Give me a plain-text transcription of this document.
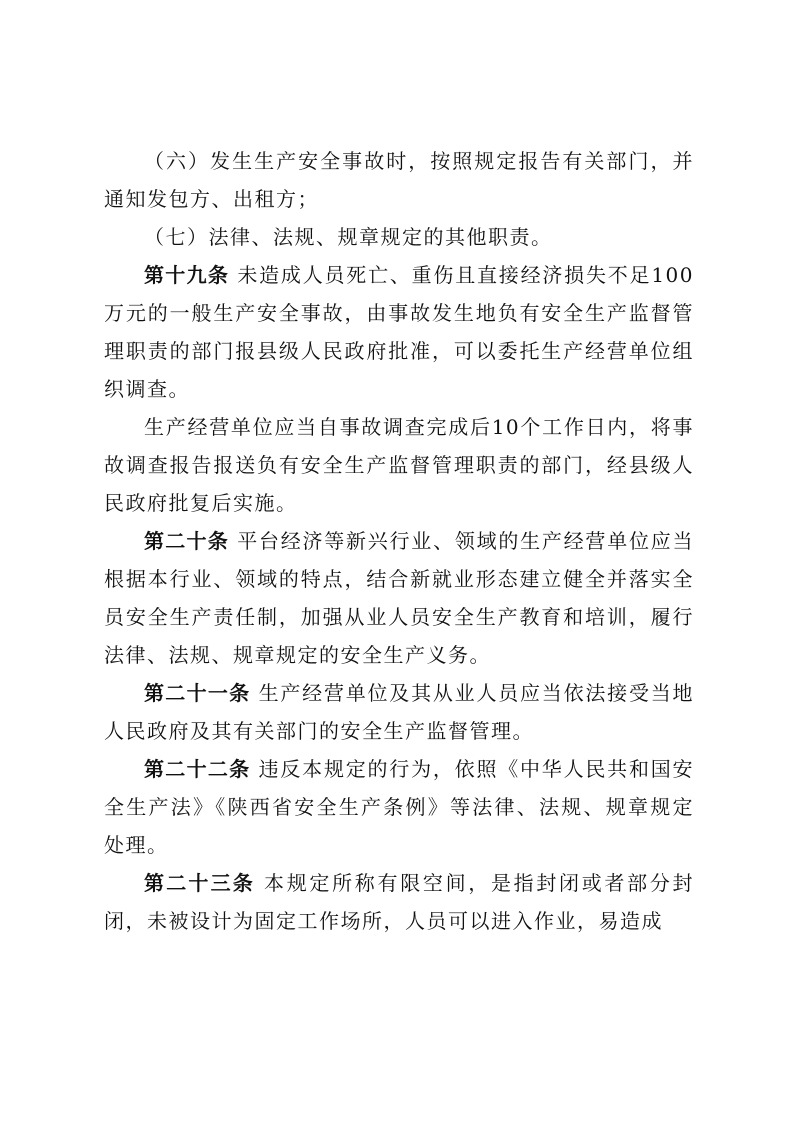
（六）发生生产安全事故时，按照规定报告有关部门，并通知发包方、出租方；

（七）法律、法规、规章规定的其他职责。

第十九条 未造成人员死亡、重伤且直接经济损失不足100万元的一般生产安全事故，由事故发生地负有安全生产监督管理职责的部门报县级人民政府批准，可以委托生产经营单位组织调查。

生产经营单位应当自事故调查完成后10个工作日内，将事故调查报告报送负有安全生产监督管理职责的部门，经县级人民政府批复后实施。

第二十条 平台经济等新兴行业、领域的生产经营单位应当根据本行业、领域的特点，结合新就业形态建立健全并落实全员安全生产责任制，加强从业人员安全生产教育和培训，履行法律、法规、规章规定的安全生产义务。

第二十一条 生产经营单位及其从业人员应当依法接受当地人民政府及其有关部门的安全生产监督管理。

第二十二条 违反本规定的行为，依照《中华人民共和国安全生产法》《陕西省安全生产条例》等法律、法规、规章规定处理。

第二十三条 本规定所称有限空间，是指封闭或者部分封闭，未被设计为固定工作场所，人员可以进入作业，易造成
